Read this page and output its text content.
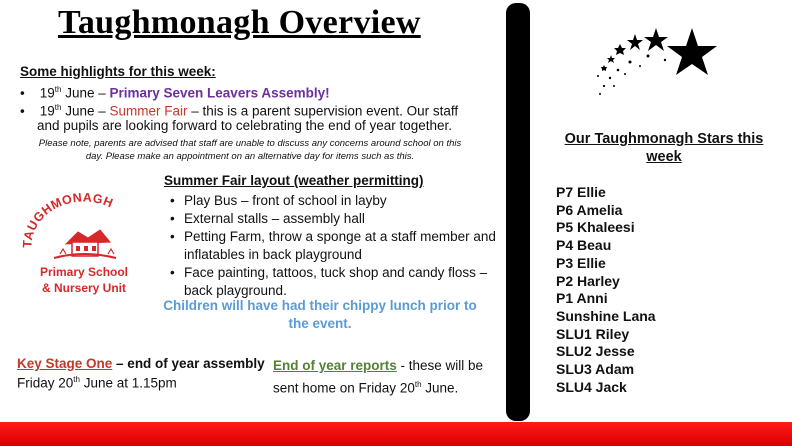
Taughmonagh Overview
Some highlights for this week:
•    19th June – Primary Seven Leavers Assembly!
•    19th June – Summer Fair – this is a parent supervision event. Our staff
and pupils are looking forward to celebrating the end of year together.
Please note, parents are advised that staff are unable to discuss any concerns around school on this day. Please make an appointment on an alternative day for items such as this.
TAUGHMONAGH
Primary School
& Nursery Unit
Summer Fair layout (weather permitting)
• Play Bus – front of school in layby
• External stalls – assembly hall
• Petting Farm, throw a sponge at a staff member and inflatables in back playground
• Face painting, tattoos, tuck shop and candy floss – back playground.
Children will have had their chippy lunch prior to the event.
Key Stage One – end of year assembly
Friday 20th June at 1.15pm
End of year reports - these will be
sent home on Friday 20th June.
Our Taughmonagh Stars this week
P7 Ellie
P6 Amelia
P5 Khaleesi
P4 Beau
P3 Ellie
P2 Harley
P1 Anni
Sunshine Lana
SLU1 Riley
SLU2 Jesse
SLU3 Adam
SLU4 Jack
